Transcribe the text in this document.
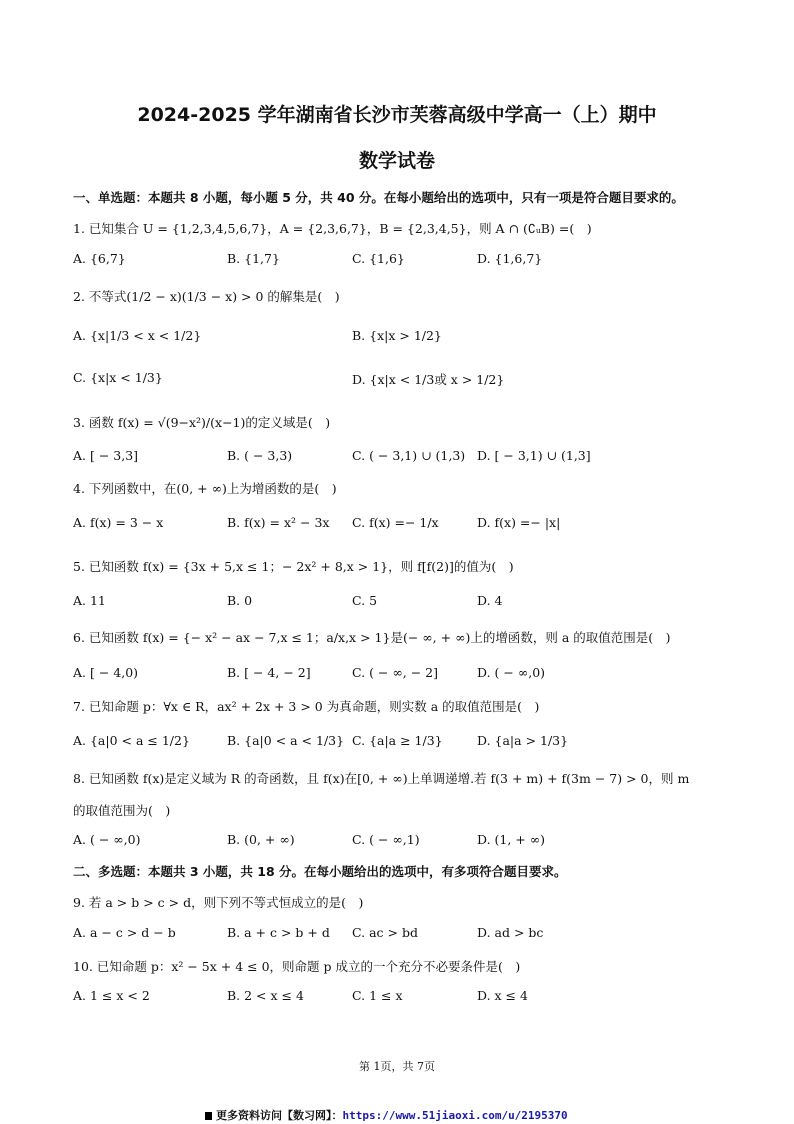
2024-2025 学年湖南省长沙市芙蓉高级中学高一（上）期中
数学试卷
一、单选题：本题共 8 小题，每小题 5 分，共 40 分。在每小题给出的选项中，只有一项是符合题目要求的。
1. 已知集合 U = {1,2,3,4,5,6,7}，A = {2,3,6,7}，B = {2,3,4,5}，则 A ∩ (∁ᵤB) =(　)
A. {6,7}	B. {1,7}	C. {1,6}	D. {1,6,7}
2. 不等式(1/2 − x)(1/3 − x) > 0 的解集是(　)
A. {x|1/3 < x < 1/2}	B. {x|x > 1/2}
C. {x|x < 1/3}	D. {x|x < 1/3或 x > 1/2}
3. 函数 f(x) = √(9−x²)/(x−1)的定义域是(　)
A. [ − 3,3]	B. ( − 3,3)	C. ( − 3,1) ∪ (1,3) D. [ − 3,1) ∪ (1,3]
4. 下列函数中，在(0, + ∞)上为增函数的是(　)
A. f(x) = 3 − x	B. f(x) = x² − 3x C. f(x) =− 1/x	D. f(x) =− |x|
5. 已知函数 f(x) = {3x + 5,x ≤ 1；− 2x² + 8,x > 1}，则 f[f(2)]的值为(　)
A. 11	B. 0	C. 5	D. 4
6. 已知函数 f(x) = {− x² − ax − 7,x ≤ 1；a/x,x > 1}是(− ∞, + ∞)上的增函数，则 a 的取值范围是(　)
A. [ − 4,0)	B. [ − 4, − 2]	C. ( − ∞, − 2]	D. ( − ∞,0)
7. 已知命题 p：∀x ∈ R，ax² + 2x + 3 > 0 为真命题，则实数 a 的取值范围是(　)
A. {a|0 < a ≤ 1/2}	B. {a|0 < a < 1/3} C. {a|a ≥ 1/3}	D. {a|a > 1/3}
8. 已知函数 f(x)是定义域为 R 的奇函数，且 f(x)在[0, + ∞)上单调递增.若 f(3 + m) + f(3m − 7) > 0，则 m
的取值范围为(　)
A. ( − ∞,0)	B. (0, + ∞)	C. ( − ∞,1)	D. (1, + ∞)
二、多选题：本题共 3 小题，共 18 分。在每小题给出的选项中，有多项符合题目要求。
9. 若 a > b > c > d，则下列不等式恒成立的是(　)
A. a − c > d − b	B. a + c > b + d C. ac > bd	D. ad > bc
10. 已知命题 p：x² − 5x + 4 ≤ 0，则命题 p 成立的一个充分不必要条件是(　)
A. 1 ≤ x < 2	B. 2 < x ≤ 4	C. 1 ≤ x	D. x ≤ 4
第 1页，共 7页
更多资料访问【数习网】：https://www.51jiaoxi.com/u/2195370
